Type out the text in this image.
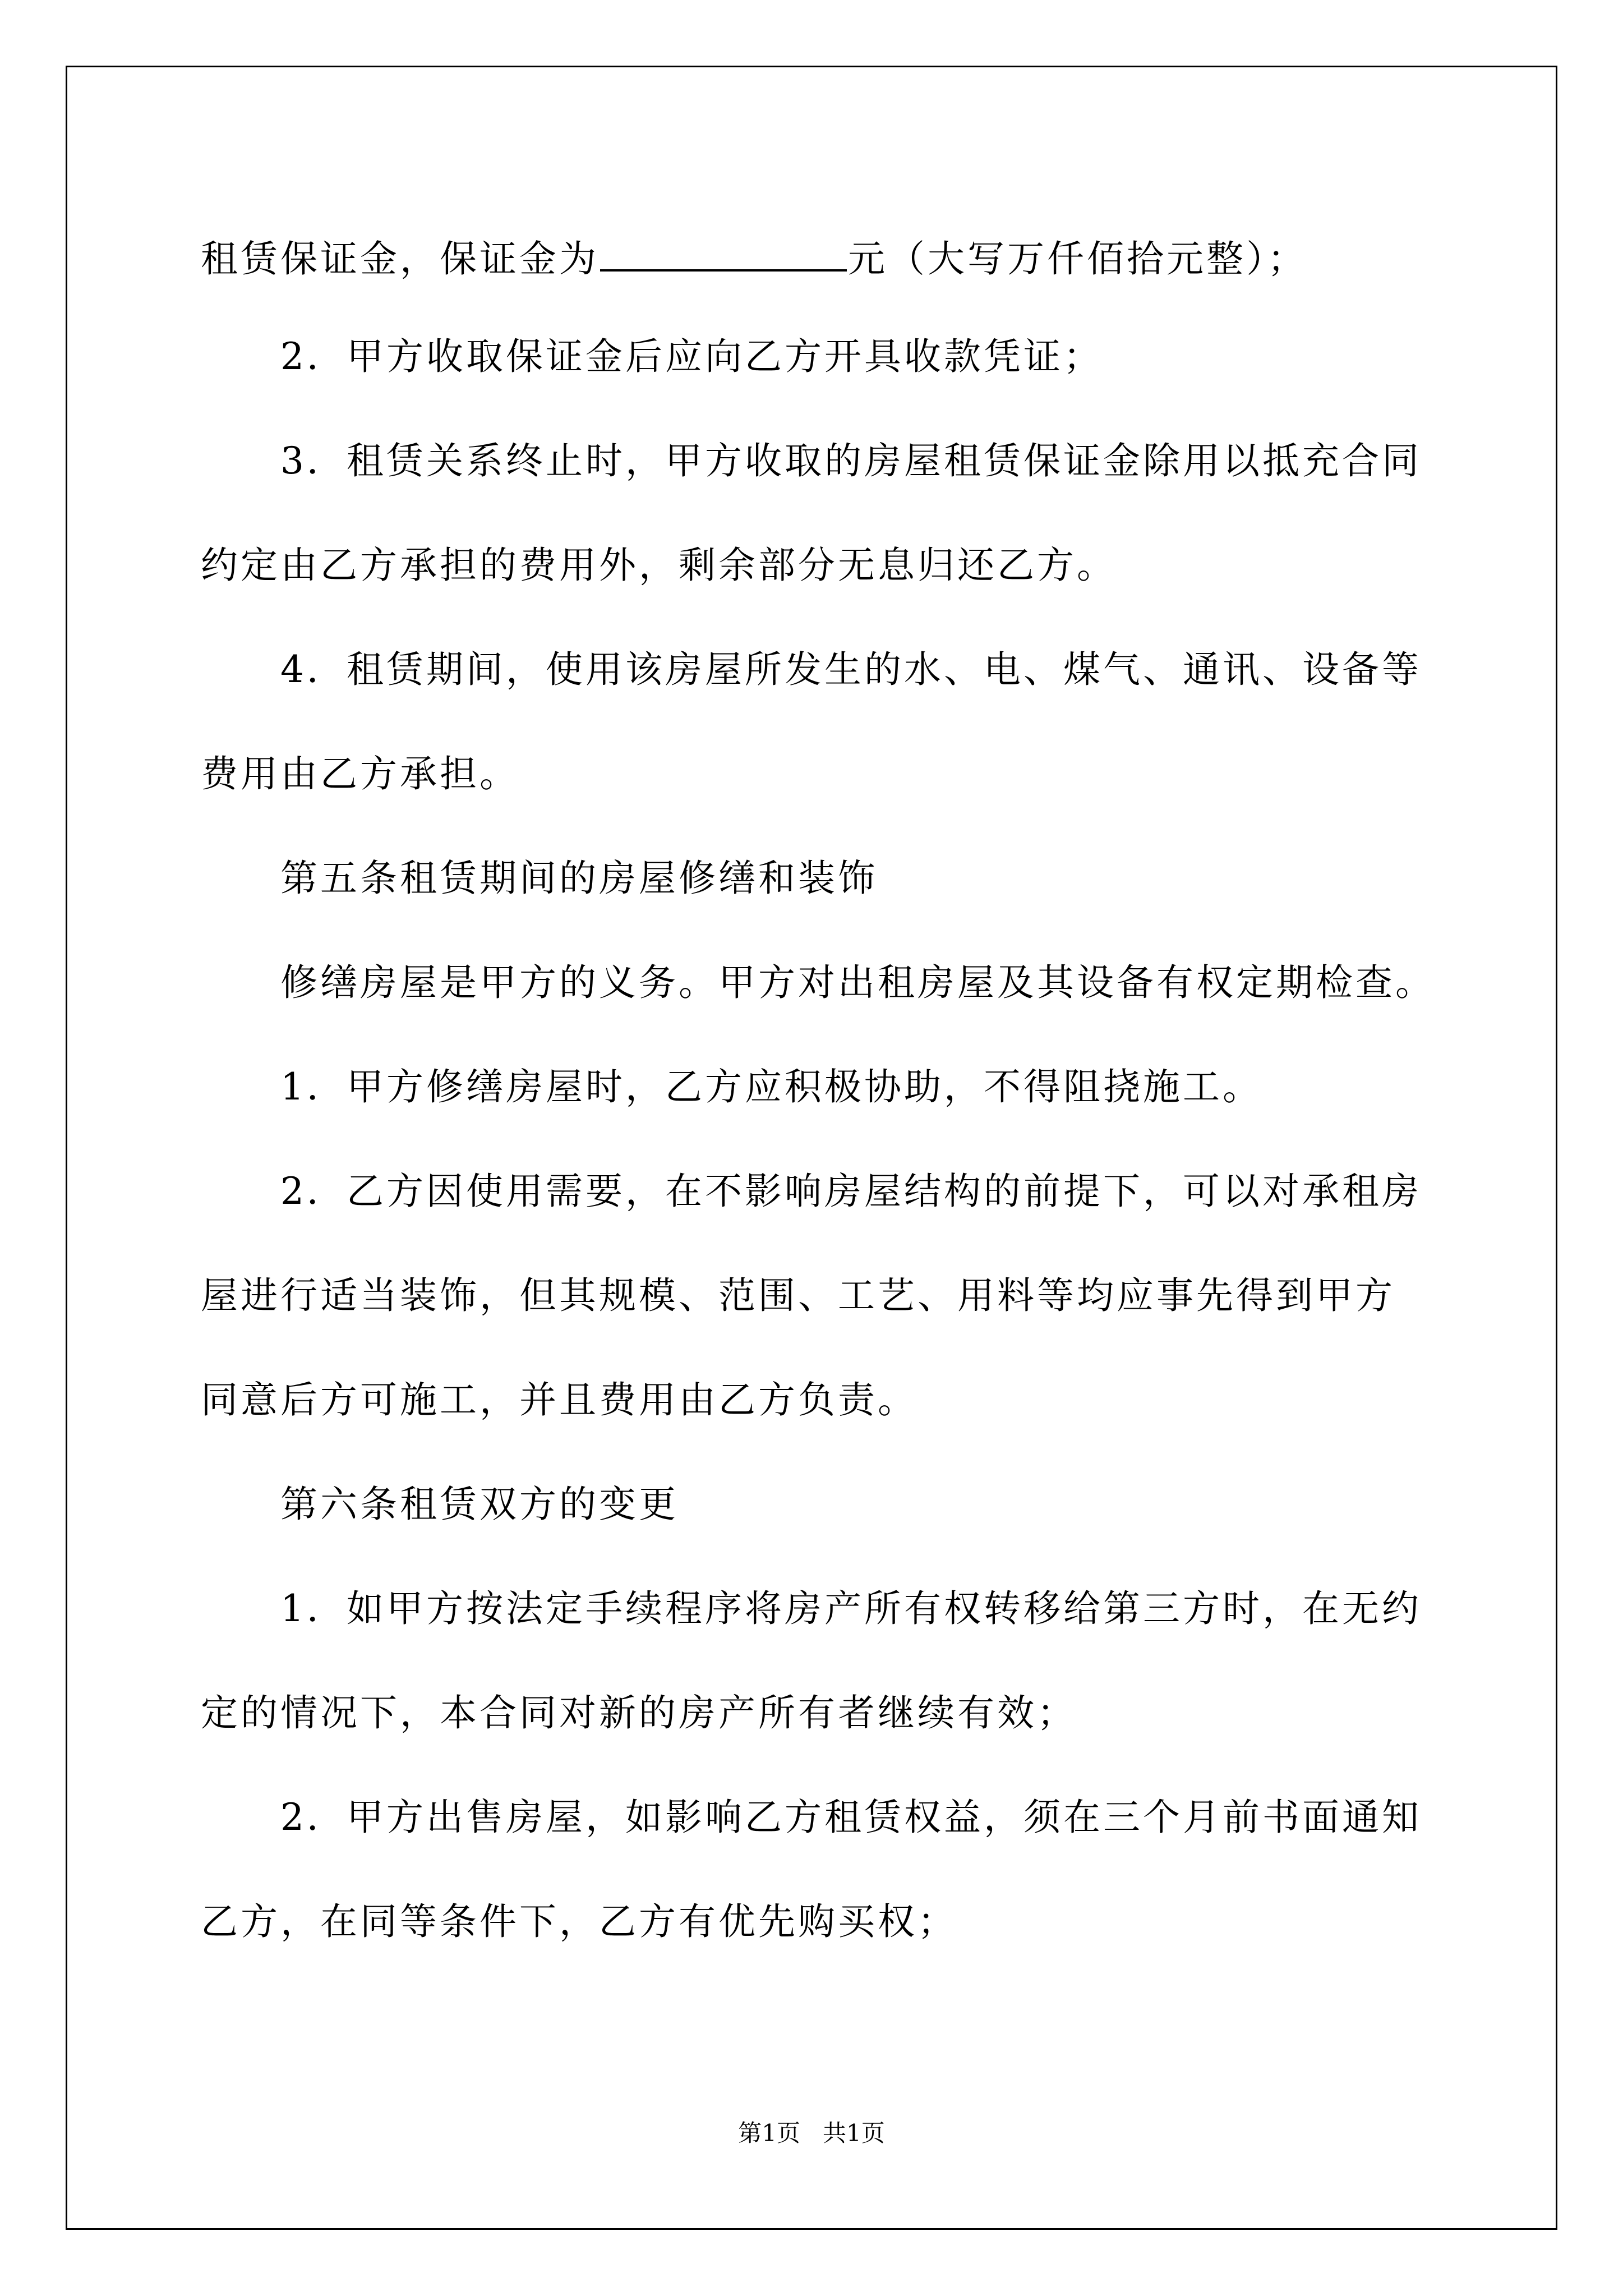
租赁保证金，保证金为	元（大写万仟佰拾元整）；

2．甲方收取保证金后应向乙方开具收款凭证；

3．租赁关系终止时，甲方收取的房屋租赁保证金除用以抵充合同

约定由乙方承担的费用外，剩余部分无息归还乙方。

4．租赁期间，使用该房屋所发生的水、电、煤气、通讯、设备等

费用由乙方承担。

第五条租赁期间的房屋修缮和装饰

修缮房屋是甲方的义务。甲方对出租房屋及其设备有权定期检查。

1．甲方修缮房屋时，乙方应积极协助，不得阻挠施工。

2．乙方因使用需要，在不影响房屋结构的前提下，可以对承租房

屋进行适当装饰，但其规模、范围、工艺、用料等均应事先得到甲方

同意后方可施工，并且费用由乙方负责。

第六条租赁双方的变更

1．如甲方按法定手续程序将房产所有权转移给第三方时，在无约

定的情况下，本合同对新的房产所有者继续有效；

2．甲方出售房屋，如影响乙方租赁权益，须在三个月前书面通知

乙方，在同等条件下，乙方有优先购买权；

第1页 共1页
